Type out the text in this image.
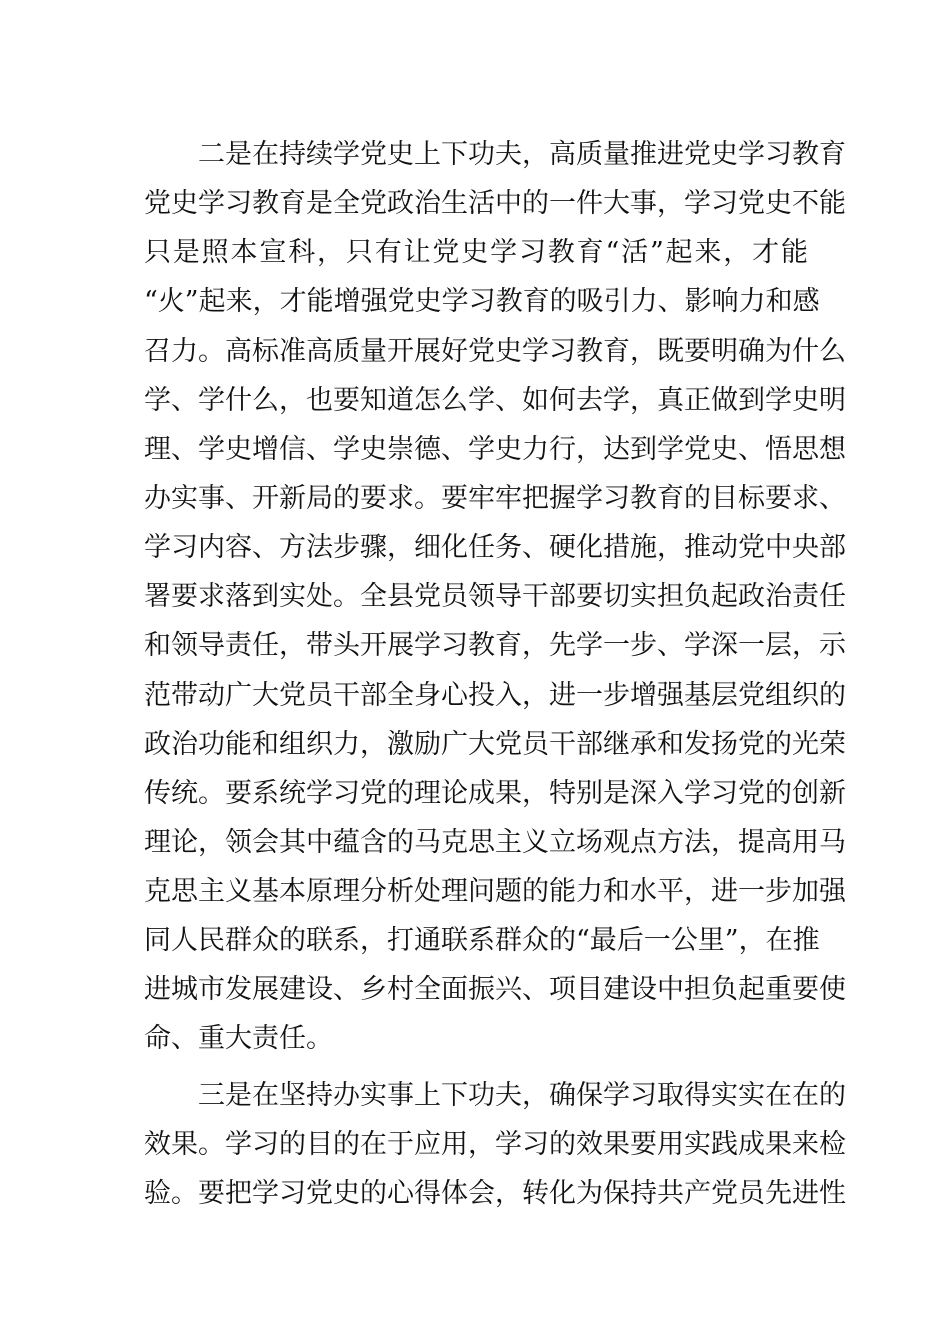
二是在持续学党史上下功夫，高质量推进党史学习教育
党史学习教育是全党政治生活中的一件大事，学习党史不能
只是照本宣科，只有让党史学习教育“活”起来，才能
“火”起来，才能增强党史学习教育的吸引力、影响力和感
召力。高标准高质量开展好党史学习教育，既要明确为什么
学、学什么，也要知道怎么学、如何去学，真正做到学史明
理、学史增信、学史崇德、学史力行，达到学党史、悟思想
办实事、开新局的要求。要牢牢把握学习教育的目标要求、
学习内容、方法步骤，细化任务、硬化措施，推动党中央部
署要求落到实处。全县党员领导干部要切实担负起政治责任
和领导责任，带头开展学习教育，先学一步、学深一层，示
范带动广大党员干部全身心投入，进一步增强基层党组织的
政治功能和组织力，激励广大党员干部继承和发扬党的光荣
传统。要系统学习党的理论成果，特别是深入学习党的创新
理论，领会其中蕴含的马克思主义立场观点方法，提高用马
克思主义基本原理分析处理问题的能力和水平，进一步加强
同人民群众的联系，打通联系群众的“最后一公里”，在推
进城市发展建设、乡村全面振兴、项目建设中担负起重要使
命、重大责任。
三是在坚持办实事上下功夫，确保学习取得实实在在的
效果。学习的目的在于应用，学习的效果要用实践成果来检
验。要把学习党史的心得体会，转化为保持共产党员先进性
